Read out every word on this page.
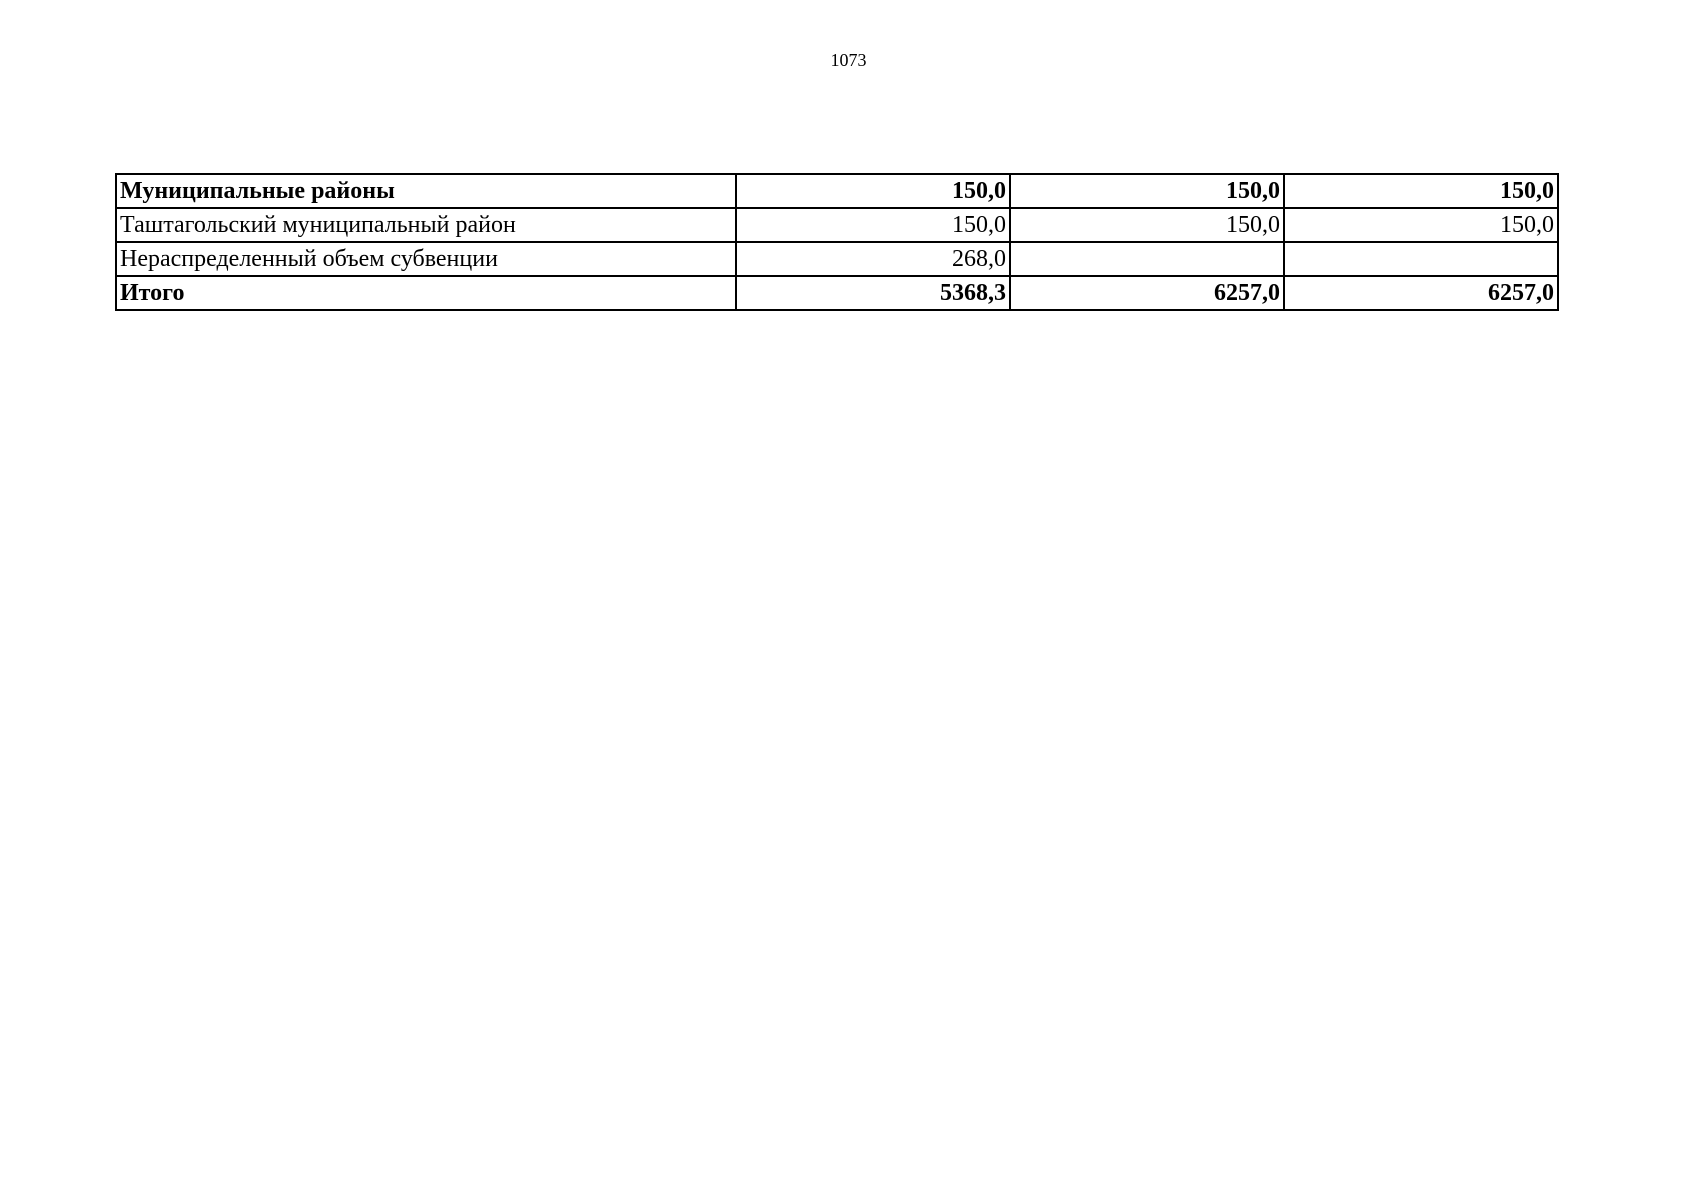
1073
Муниципальные районы	150,0	150,0	150,0
Таштагольский муниципальный район	150,0	150,0	150,0
Нераспределенный объем субвенции	268,0		
Итого	5368,3	6257,0	6257,0
